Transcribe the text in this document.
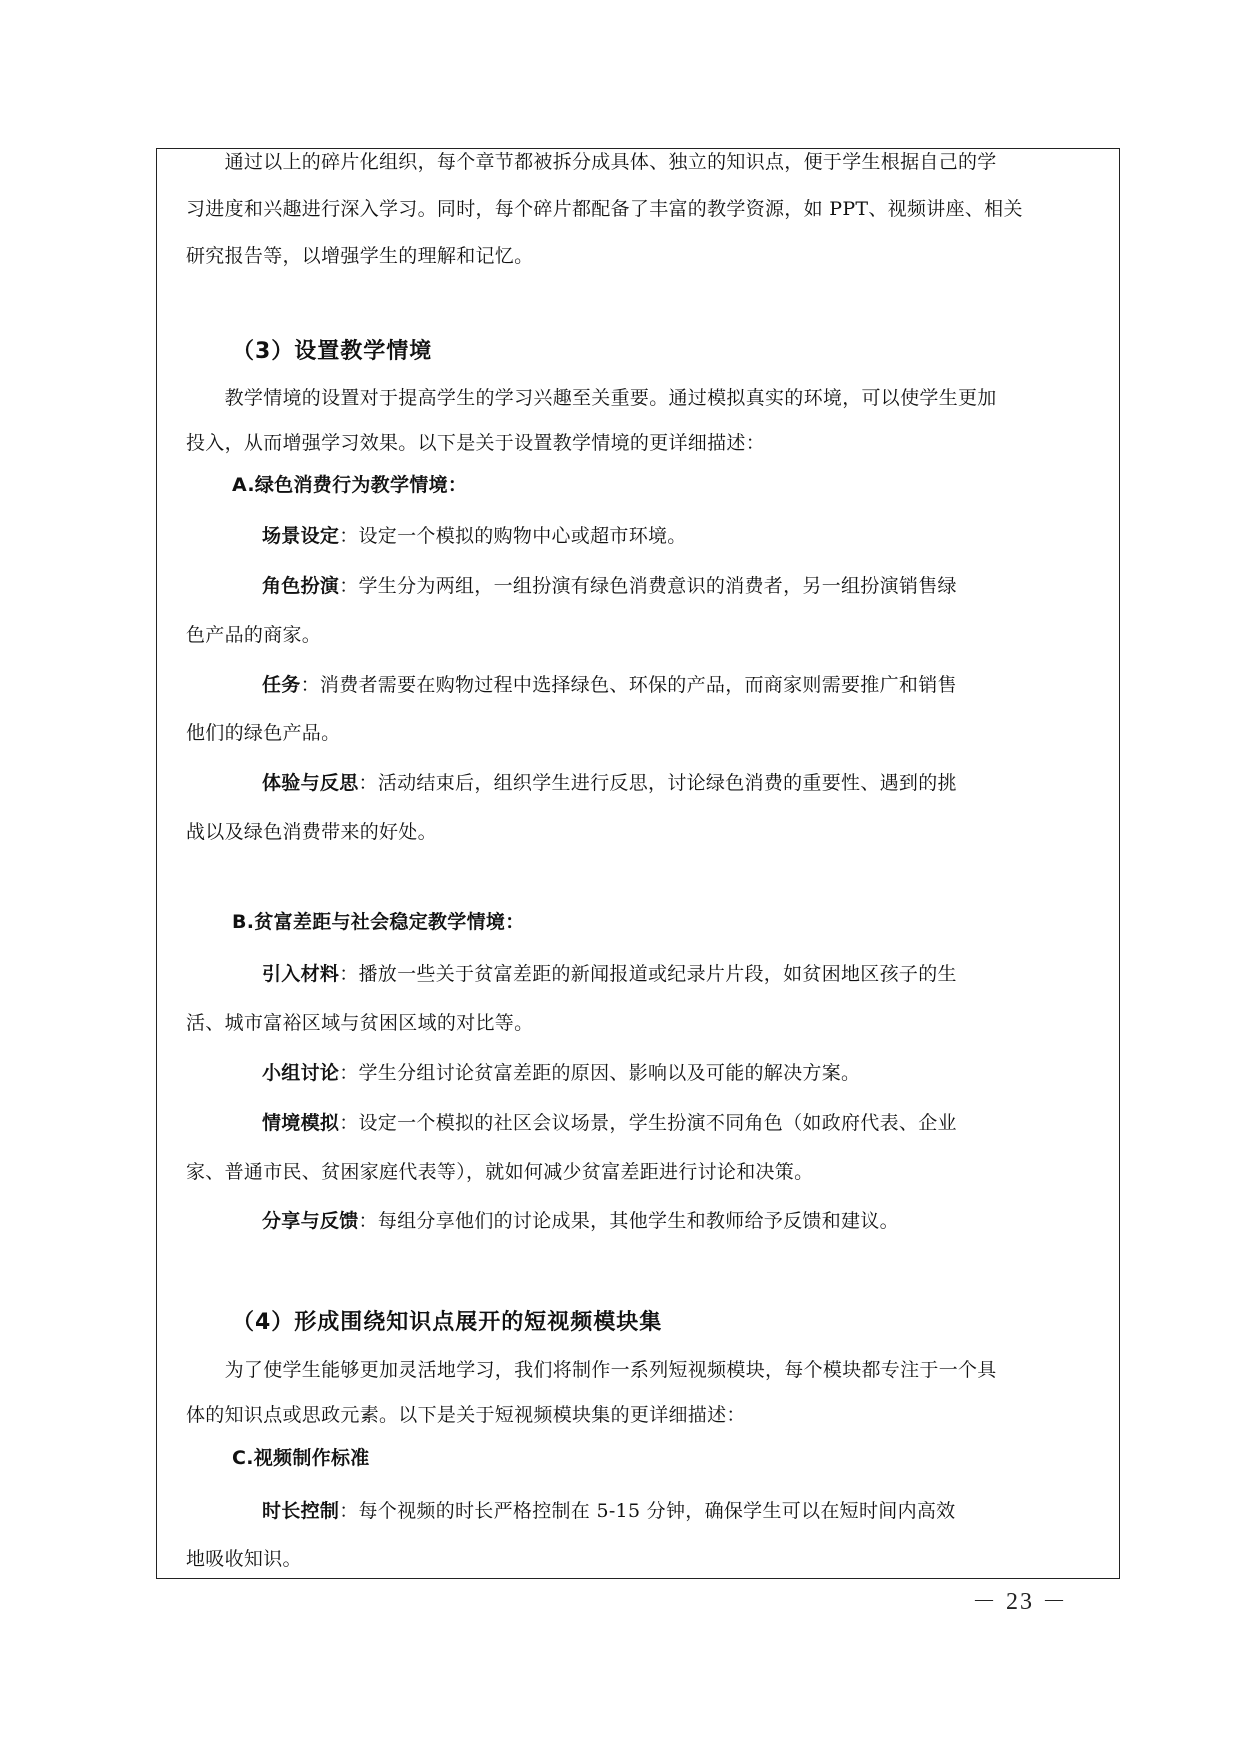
　　通过以上的碎片化组织，每个章节都被拆分成具体、独立的知识点，便于学生根据自己的学
习进度和兴趣进行深入学习。同时，每个碎片都配备了丰富的教学资源，如 PPT、视频讲座、相关
研究报告等，以增强学生的理解和记忆。
（3）设置教学情境
　　教学情境的设置对于提高学生的学习兴趣至关重要。通过模拟真实的环境，可以使学生更加
投入，从而增强学习效果。以下是关于设置教学情境的更详细描述：
A.绿色消费行为教学情境：
场景设定：设定一个模拟的购物中心或超市环境。
角色扮演：学生分为两组，一组扮演有绿色消费意识的消费者，另一组扮演销售绿
色产品的商家。
任务：消费者需要在购物过程中选择绿色、环保的产品，而商家则需要推广和销售
他们的绿色产品。
体验与反思：活动结束后，组织学生进行反思，讨论绿色消费的重要性、遇到的挑
战以及绿色消费带来的好处。
B.贫富差距与社会稳定教学情境：
引入材料：播放一些关于贫富差距的新闻报道或纪录片片段，如贫困地区孩子的生
活、城市富裕区域与贫困区域的对比等。
小组讨论：学生分组讨论贫富差距的原因、影响以及可能的解决方案。
情境模拟：设定一个模拟的社区会议场景，学生扮演不同角色（如政府代表、企业
家、普通市民、贫困家庭代表等），就如何减少贫富差距进行讨论和决策。
分享与反馈：每组分享他们的讨论成果，其他学生和教师给予反馈和建议。
（4）形成围绕知识点展开的短视频模块集
　　为了使学生能够更加灵活地学习，我们将制作一系列短视频模块，每个模块都专注于一个具
体的知识点或思政元素。以下是关于短视频模块集的更详细描述：
C.视频制作标准
时长控制：每个视频的时长严格控制在 5-15 分钟，确保学生可以在短时间内高效
地吸收知识。
－ 23 －
